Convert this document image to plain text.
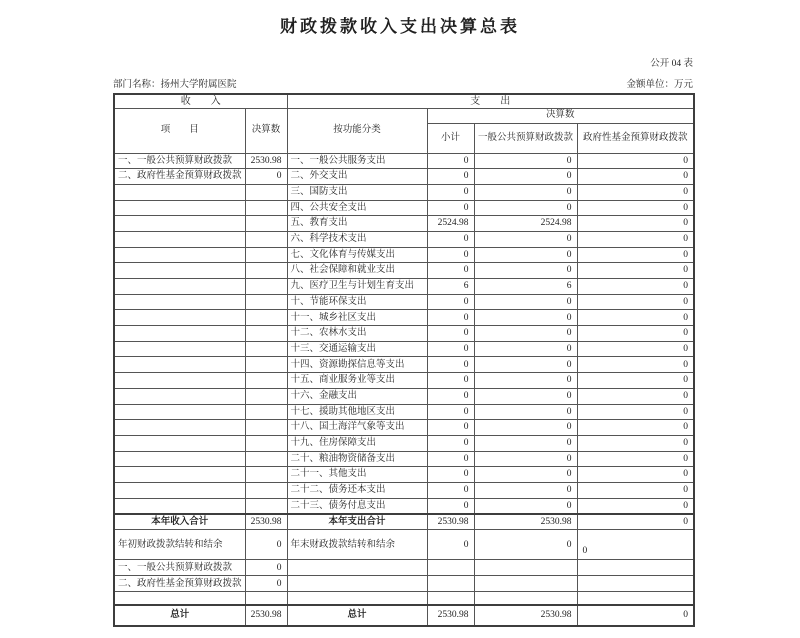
财政拨款收入支出决算总表
公开 04 表
部门名称：扬州大学附属医院	金额单位：万元
收　　入		支　　出			
项　　目	决算数	按功能分类	决算数		
			小计	一般公共预算财政拨款	政府性基金预算财政拨款
一、一般公共预算财政拨款	2530.98	一、一般公共服务支出	0	0	0
二、政府性基金预算财政拨款	0	二、外交支出	0	0	0
		三、国防支出	0	0	0
		四、公共安全支出	0	0	0
		五、教育支出	2524.98	2524.98	0
		六、科学技术支出	0	0	0
		七、文化体育与传媒支出	0	0	0
		八、社会保障和就业支出	0	0	0
		九、医疗卫生与计划生育支出	6	6	0
		十、节能环保支出	0	0	0
		十一、城乡社区支出	0	0	0
		十二、农林水支出	0	0	0
		十三、交通运输支出	0	0	0
		十四、资源勘探信息等支出	0	0	0
		十五、商业服务业等支出	0	0	0
		十六、金融支出	0	0	0
		十七、援助其他地区支出	0	0	0
		十八、国土海洋气象等支出	0	0	0
		十九、住房保障支出	0	0	0
		二十、粮油物资储备支出	0	0	0
		二十一、其他支出	0	0	0
		二十二、债务还本支出	0	0	0
		二十三、债务付息支出	0	0	0
本年收入合计	2530.98	本年支出合计	2530.98	2530.98	0
年初财政拨款结转和结余	0	年末财政拨款结转和结余	0	0	0
一、一般公共预算财政拨款	0				
二、政府性基金预算财政拨款	0				

总计	2530.98	总计	2530.98	2530.98	0
